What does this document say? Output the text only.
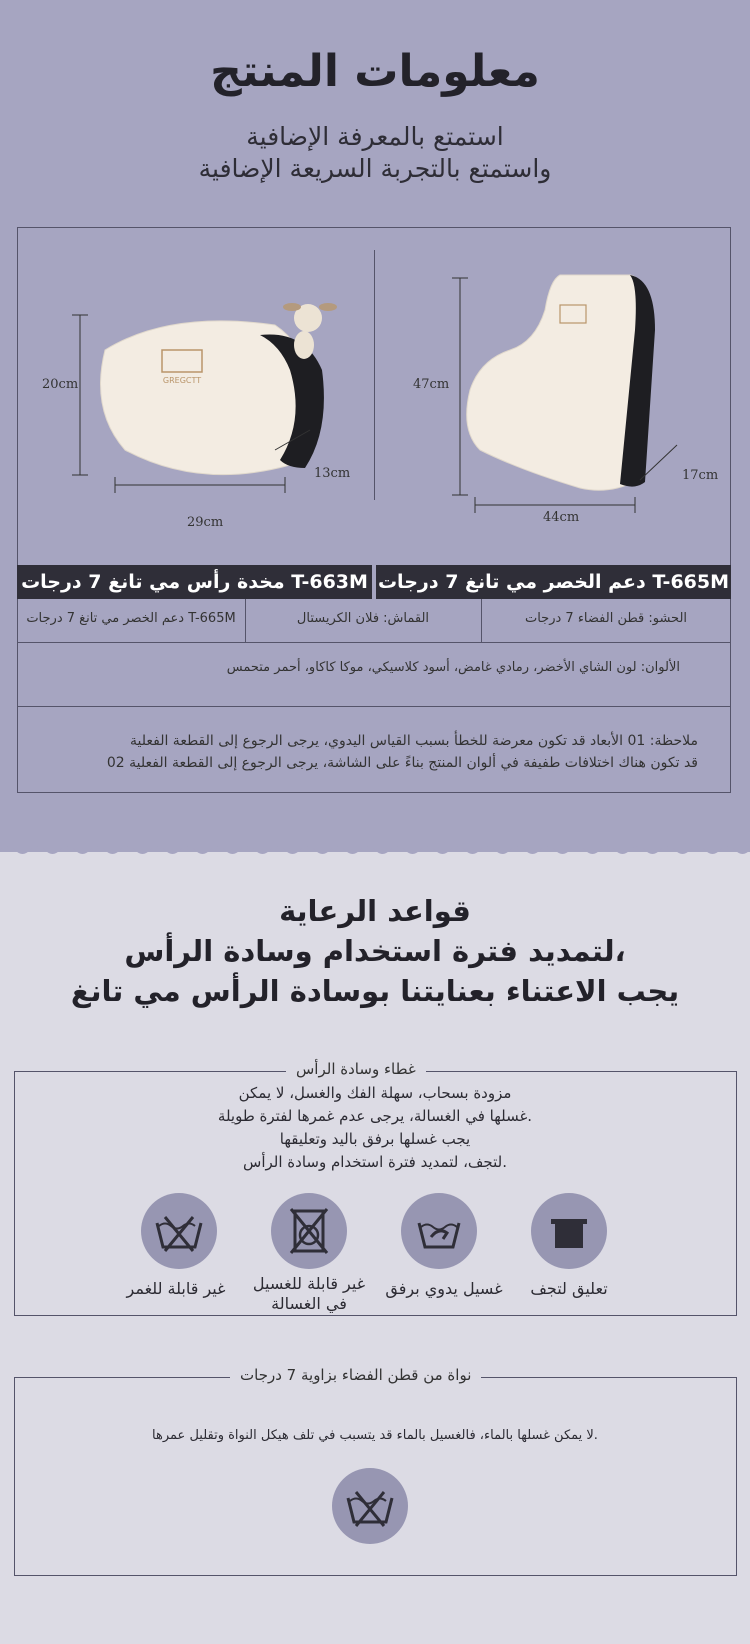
معلومات المنتج
استمتع بالمعرفة الإضافية
واستمتع بالتجربة السريعة الإضافية
GREGCTT
20cm
29cm
13cm
47cm
44cm
17cm
T-663M مخدة رأس مي تانغ 7 درجات T-665M دعم الخصر مي تانغ 7 درجات
الحشو: قطن الفضاء 7 درجات
القماش: فلان الكريستال
T-665M دعم الخصر مي تانغ 7 درجات
الألوان: لون الشاي الأخضر، رمادي غامض، أسود كلاسيكي، موكا كاكاو، أحمر متحمس
ملاحظة: 01 الأبعاد قد تكون معرضة للخطأ بسبب القياس اليدوي، يرجى الرجوع إلى القطعة الفعلية
قد تكون هناك اختلافات طفيفة في ألوان المنتج بناءً على الشاشة، يرجى الرجوع إلى القطعة الفعلية 02
قواعد الرعاية
،لتمديد فترة استخدام وسادة الرأس
يجب الاعتناء بعنايتنا بوسادة الرأس مي تانغ
غطاء وسادة الرأس
مزودة بسحاب، سهلة الفك والغسل، لا يمكن
.غسلها في الغسالة، يرجى عدم غمرها لفترة طويلة
يجب غسلها برفق باليد وتعليقها
.لتجف، لتمديد فترة استخدام وسادة الرأس
تعليق لتجف
غسيل يدوي برفق
غير قابلة للغسيل
في الغسالة
غير قابلة للغمر
نواة من قطن الفضاء بزاوية 7 درجات
.لا يمكن غسلها بالماء، فالغسيل بالماء قد يتسبب في تلف هيكل النواة وتقليل عمرها
